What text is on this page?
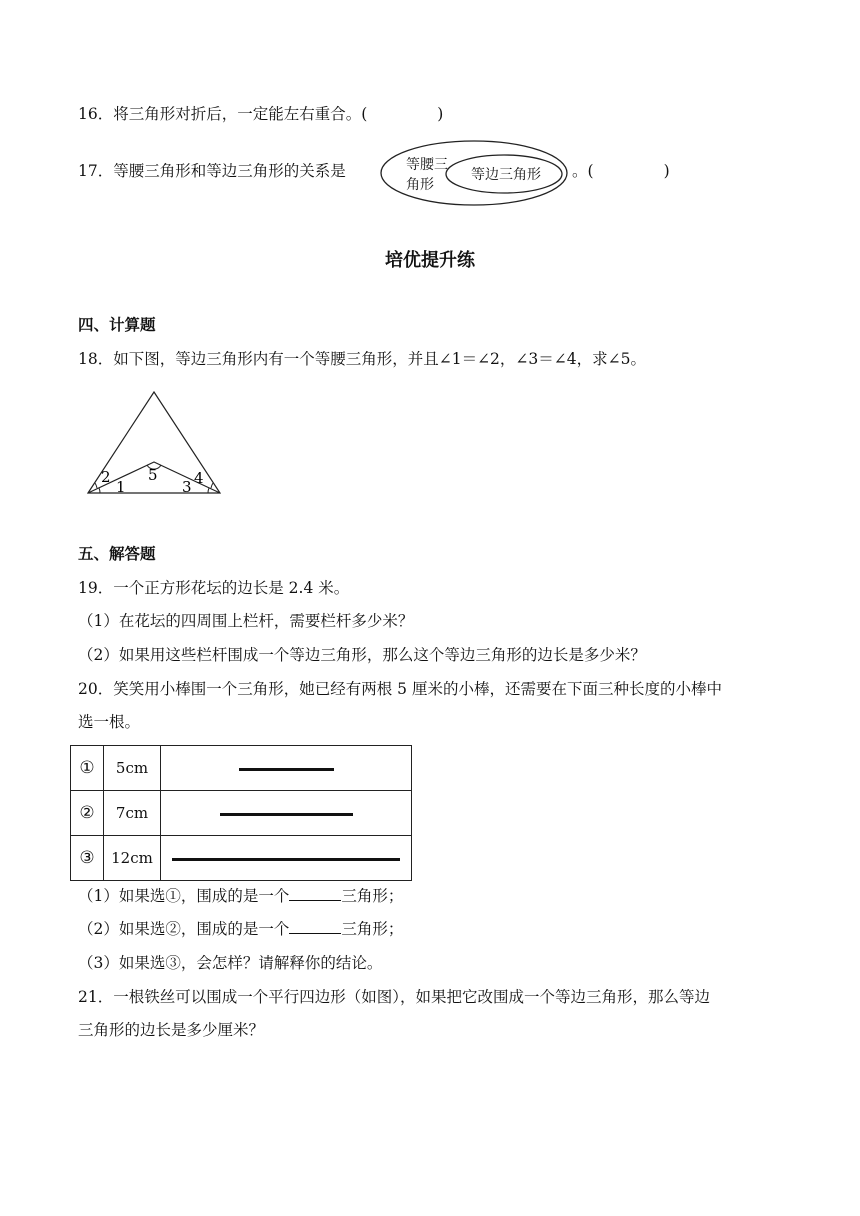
16．将三角形对折后，一定能左右重合。(	)
17．等腰三角形和等边三角形的关系是	等腰三
角形
等边三角形 。(	)
培优提升练
四、计算题
18．如下图，等边三角形内有一个等腰三角形，并且∠1＝∠2，∠3＝∠4，求∠5。
1
2
3 4
5
五、解答题
19．一个正方形花坛的边长是 2.4 米。
（1）在花坛的四周围上栏杆，需要栏杆多少米？
（2）如果用这些栏杆围成一个等边三角形，那么这个等边三角形的边长是多少米？
20．笑笑用小棒围一个三角形，她已经有两根 5 厘米的小棒，还需要在下面三种长度的小棒中
选一根。
①	5cm	
②	7cm	
③	12cm	
（1）如果选①，围成的是一个	三角形；
（2）如果选②，围成的是一个	三角形；
（3）如果选③，会怎样？请解释你的结论。
21．一根铁丝可以围成一个平行四边形（如图），如果把它改围成一个等边三角形，那么等边
三角形的边长是多少厘米？
